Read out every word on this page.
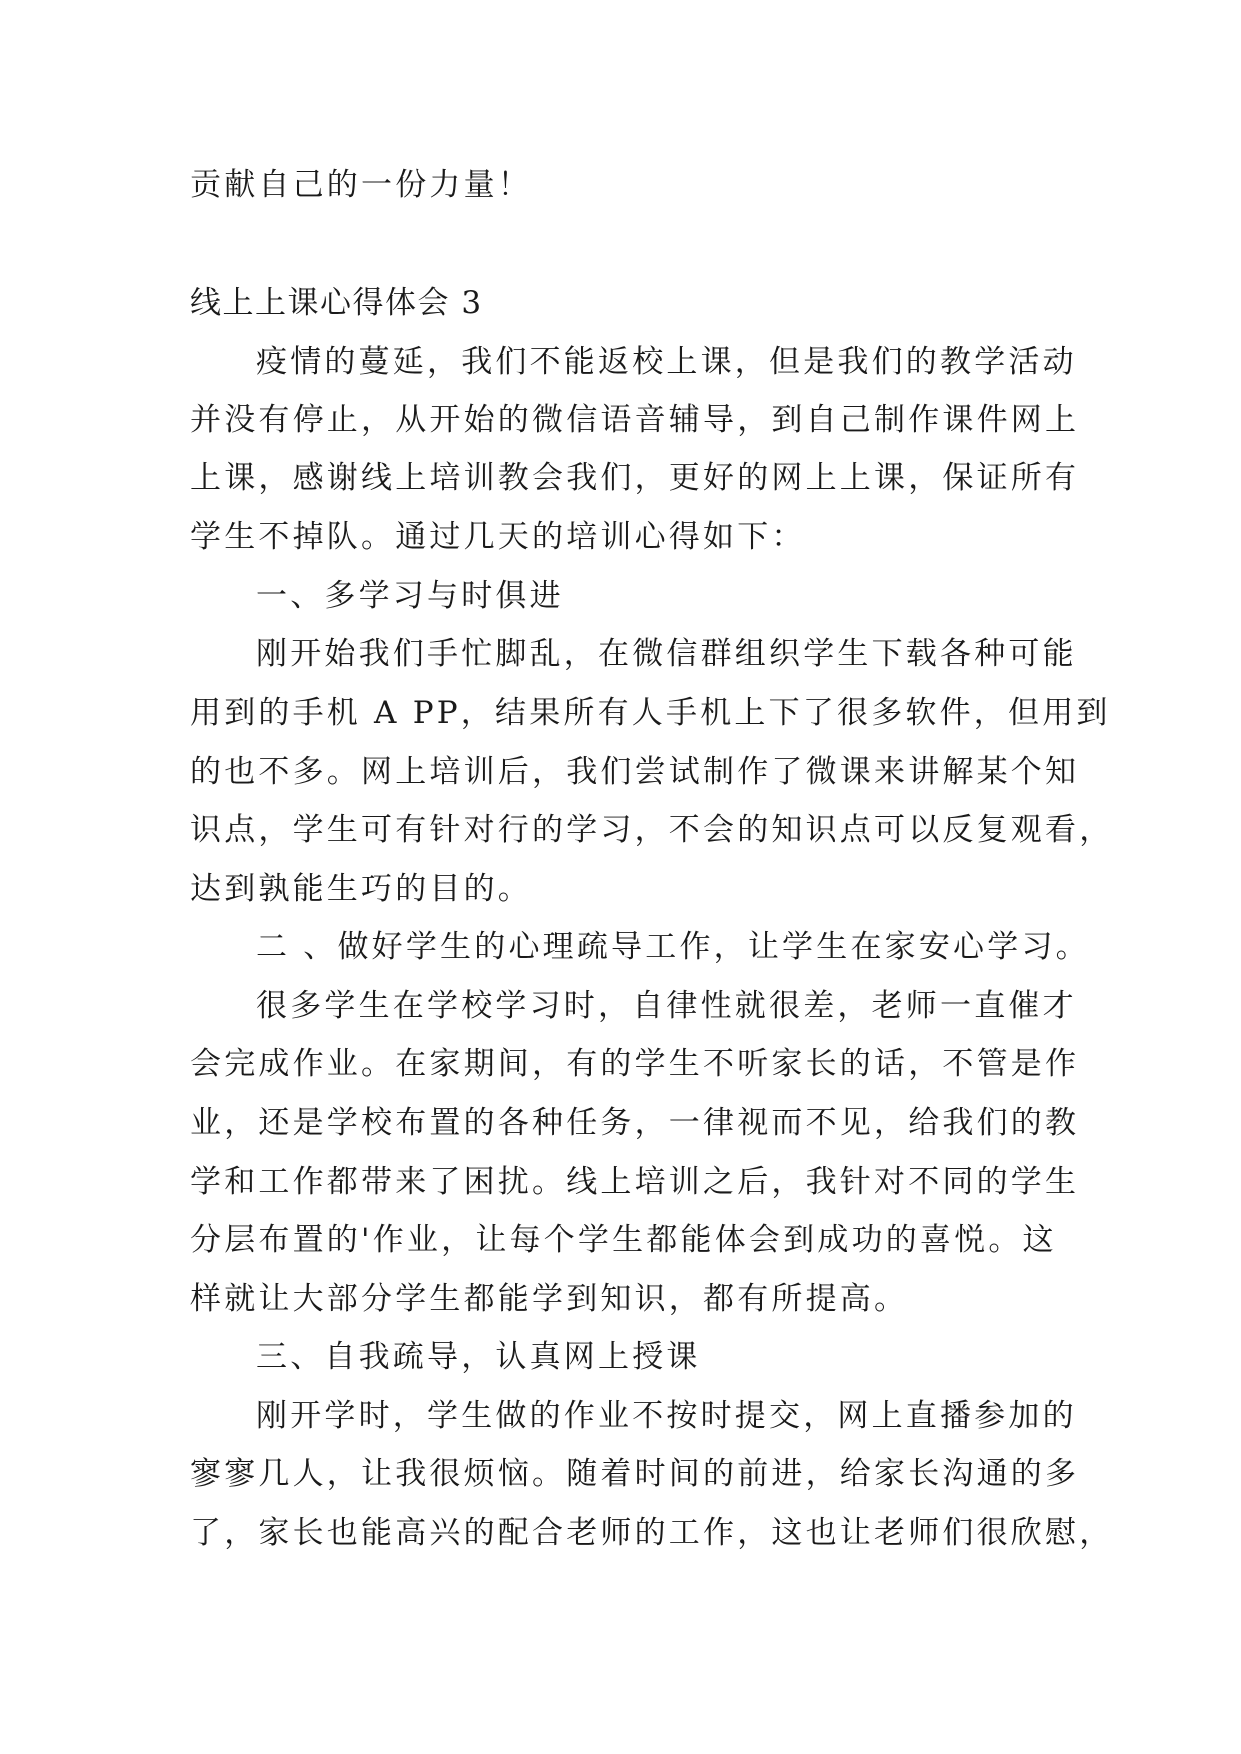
贡献自己的一份力量！
线上上课心得体会 3
疫情的蔓延，我们不能返校上课，但是我们的教学活动
并没有停止，从开始的微信语音辅导，到自己制作课件网上
上课，感谢线上培训教会我们，更好的网上上课，保证所有
学生不掉队。通过几天的培训心得如下：
一、多学习与时俱进
刚开始我们手忙脚乱，在微信群组织学生下载各种可能
用到的手机 A PP，结果所有人手机上下了很多软件，但用到
的也不多。网上培训后，我们尝试制作了微课来讲解某个知
识点，学生可有针对行的学习，不会的知识点可以反复观看，
达到孰能生巧的目的。
二 、做好学生的心理疏导工作，让学生在家安心学习。
很多学生在学校学习时，自律性就很差，老师一直催才
会完成作业。在家期间，有的学生不听家长的话，不管是作
业，还是学校布置的各种任务，一律视而不见，给我们的教
学和工作都带来了困扰。线上培训之后，我针对不同的学生
分层布置的'作业，让每个学生都能体会到成功的喜悦。这
样就让大部分学生都能学到知识，都有所提高。
三、自我疏导，认真网上授课
刚开学时，学生做的作业不按时提交，网上直播参加的
寥寥几人，让我很烦恼。随着时间的前进，给家长沟通的多
了，家长也能高兴的配合老师的工作，这也让老师们很欣慰，
